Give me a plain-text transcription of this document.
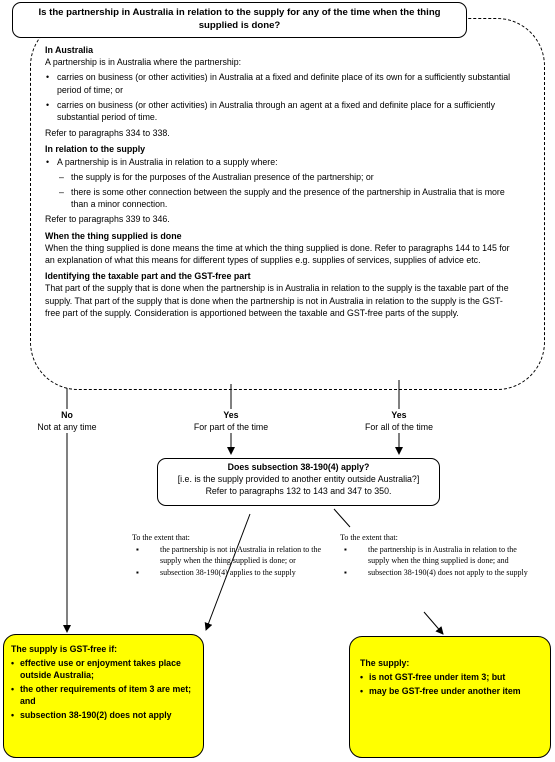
Is the partnership in Australia in relation to the supply for any of the time when the thing supplied is done?
In Australia

A partnership is in Australia where the partnership:

• carries on business (or other activities) in Australia at a fixed and definite place of its own for a sufficiently substantial period of time; or
• carries on business (or other activities) in Australia through an agent at a fixed and definite place for a sufficiently substantial period of time.

Refer to paragraphs 334 to 338.

In relation to the supply
• A partnership is in Australia in relation to a supply where:
– the supply is for the purposes of the Australian presence of the partnership; or
– there is some other connection between the supply and the presence of the partnership in Australia that is more than a minor connection.

Refer to paragraphs 339 to 346.

When the thing supplied is done

When the thing supplied is done means the time at which the thing supplied is done. Refer to paragraphs 144 to 145 for an explanation of what this means for different types of supplies e.g. supplies of services, supplies of advice etc.

Identifying the taxable part and the GST-free part

That part of the supply that is done when the partnership is in Australia in relation to the supply is the taxable part of the supply. That part of the supply that is done when the partnership is not in Australia in relation to the supply is the GST-free part of the supply. Consideration is apportioned between the taxable and GST-free parts of the supply.

No
Not at any time
Yes
For part of the time
Yes
For all of the time
Does subsection 38-190(4) apply?
[i.e. is the supply provided to another entity outside Australia?]
Refer to paragraphs 132 to 143 and 347 to 350.
To the extent that:
▪ the partnership is not in Australia in relation to the supply when the thing supplied is done; or
▪ subsection 38-190(4) applies to the supply
To the extent that:
▪ the partnership is in Australia in relation to the supply when the thing supplied is done; and
▪ subsection 38-190(4) does not apply to the supply
The supply is GST-free if:
• effective use or enjoyment takes place outside Australia;
• the other requirements of item 3 are met; and
• subsection 38-190(2) does not apply
The supply:
• is not GST-free under item 3; but
• may be GST-free under another item
